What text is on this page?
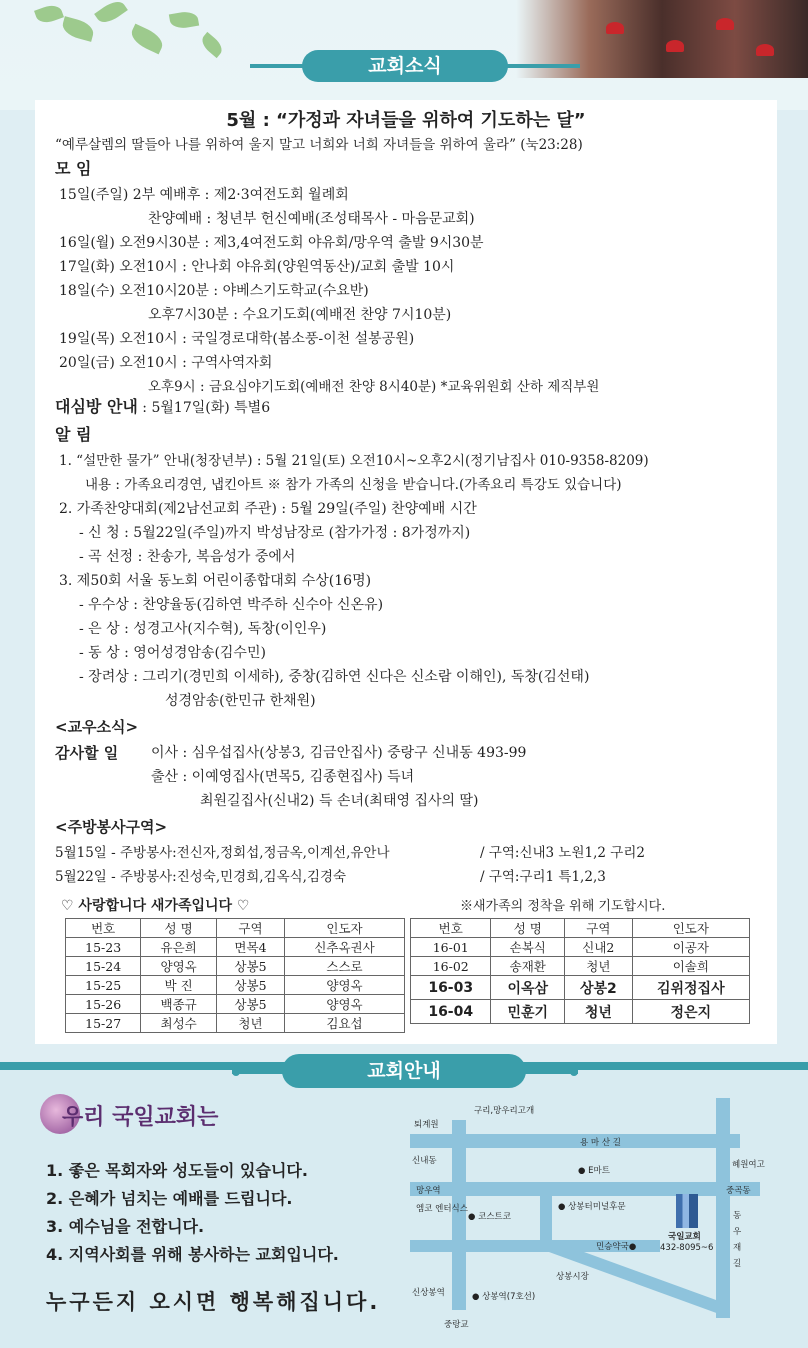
교회소식
5월 : “가정과 자녀들을 위하여 기도하는 달”
“예루살렘의 딸들아 나를 위하여 울지 말고 너희와 너희 자녀들을 위하여 울라” (눅23:28)
모 임
15일(주일) 2부 예배후 : 제2·3여전도회 월례회
찬양예배 : 청년부 헌신예배(조성태목사 - 마음문교회)
16일(월) 오전9시30분 : 제3,4여전도회 야유회/망우역 출발 9시30분
17일(화) 오전10시 : 안나회 야유회(양원역동산)/교회 출발 10시
18일(수) 오전10시20분 : 야베스기도학교(수요반)
오후7시30분 : 수요기도회(예배전 찬양 7시10분)
19일(목) 오전10시 : 국일경로대학(봄소풍-이천 설봉공원)
20일(금) 오전10시 : 구역사역자회
오후9시 : 금요심야기도회(예배전 찬양 8시40분) *교육위원회 산하 제직부원
대심방 안내 : 5월17일(화) 특별6
알 림
1. “설만한 물가” 안내(청장년부) : 5월 21일(토) 오전10시~오후2시(정기남집사 010-9358-8209)
내용 : 가족요리경연, 냅킨아트 ※ 참가 가족의 신청을 받습니다.(가족요리 특강도 있습니다)
2. 가족찬양대회(제2남선교회 주관) : 5월 29일(주일) 찬양예배 시간
- 신 청 : 5월22일(주일)까지 박성남장로 (참가가정 : 8가정까지)
- 곡 선정 : 찬송가, 복음성가 중에서
3. 제50회 서울 동노회 어린이종합대회 수상(16명)
- 우수상 : 찬양율동(김하연 박주하 신수아 신온유)
- 은 상 : 성경고사(지수혁), 독창(이인우)
- 동 상 : 영어성경암송(김수민)
- 장려상 : 그리기(경민희 이세하), 중창(김하연 신다은 신소람 이해인), 독창(김선태)
성경암송(한민규 한채원)
<교우소식>
감사할 일 이사 : 심우섭집사(상봉3, 김금안집사) 중랑구 신내동 493-99
출산 : 이예영집사(면목5, 김종현집사) 득녀
최원길집사(신내2) 득 손녀(최태영 집사의 딸)
<주방봉사구역>
5월15일 - 주방봉사:전신자,정회섭,정금옥,이계선,유안나	/ 구역:신내3 노원1,2 구리2
5월22일 - 주방봉사:진성숙,민경희,김옥식,김경숙	/ 구역:구리1 특1,2,3
♡ 사랑합니다 새가족입니다 ♡	※새가족의 정착을 위해 기도합시다.
번호	성 명	구역	인도자
15-23	유은희	면목4	신추옥권사
15-24	양영옥	상봉5	스스로
15-25	박 진	상봉5	양영옥
15-26	백종규	상봉5	양영옥
15-27	최성수	청년	김요섭
번호	성 명	구역	인도자
16-01	손복식	신내2	이공자
16-02	송재환	청년	이솔희
16-03	이옥삼	상봉2	김위정집사
16-04	민훈기	청년	정은지
교회안내
우리 국일교회는
1. 좋은 목회자와 성도들이 있습니다.
2. 은혜가 넘치는 예배를 드립니다.
3. 예수님을 전합니다.
4. 지역사회를 위해 봉사하는 교회입니다.
누구든지 오시면 행복해집니다.
퇴계원
구리,망우리고개
용 마 산 길
신내동
● E마트
혜원여고
망우역	중곡동
엠코 엔터식스
● 코스트코
● 상봉터미널후문
국일교회
432-8095~6
민승약국●
상봉시장
신상봉역	● 상봉역(7호선)
중랑교
동 우 재 길
